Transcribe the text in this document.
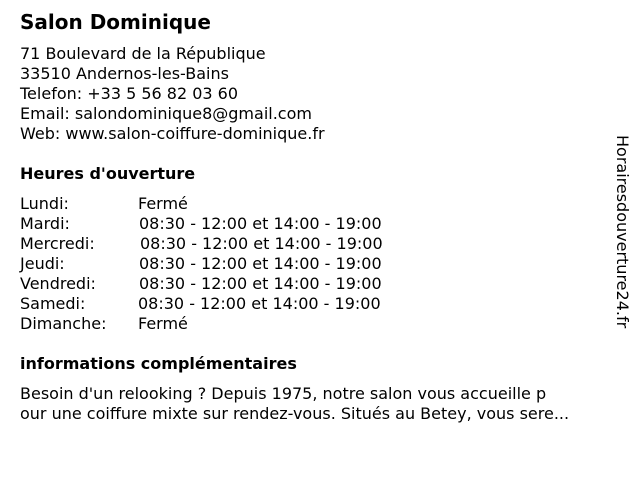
Salon Dominique
71 Boulevard de la République
33510 Andernos-les-Bains
Telefon: +33 5 56 82 03 60
Email: salondominique8@gmail.com
Web: www.salon-coiffure-dominique.fr
Heures d'ouverture
Lundi:	Fermé
Mardi:	08:30 - 12:00 et 14:00 - 19:00
Mercredi:	08:30 - 12:00 et 14:00 - 19:00
Jeudi:	08:30 - 12:00 et 14:00 - 19:00
Vendredi:	08:30 - 12:00 et 14:00 - 19:00
Samedi:	08:30 - 12:00 et 14:00 - 19:00
Dimanche: Fermé
informations complémentaires
Besoin d'un relooking ? Depuis 1975, notre salon vous accueille p
our une coiffure mixte sur rendez-vous. Situés au Betey, vous sere...
Horairesdouverture24.fr
